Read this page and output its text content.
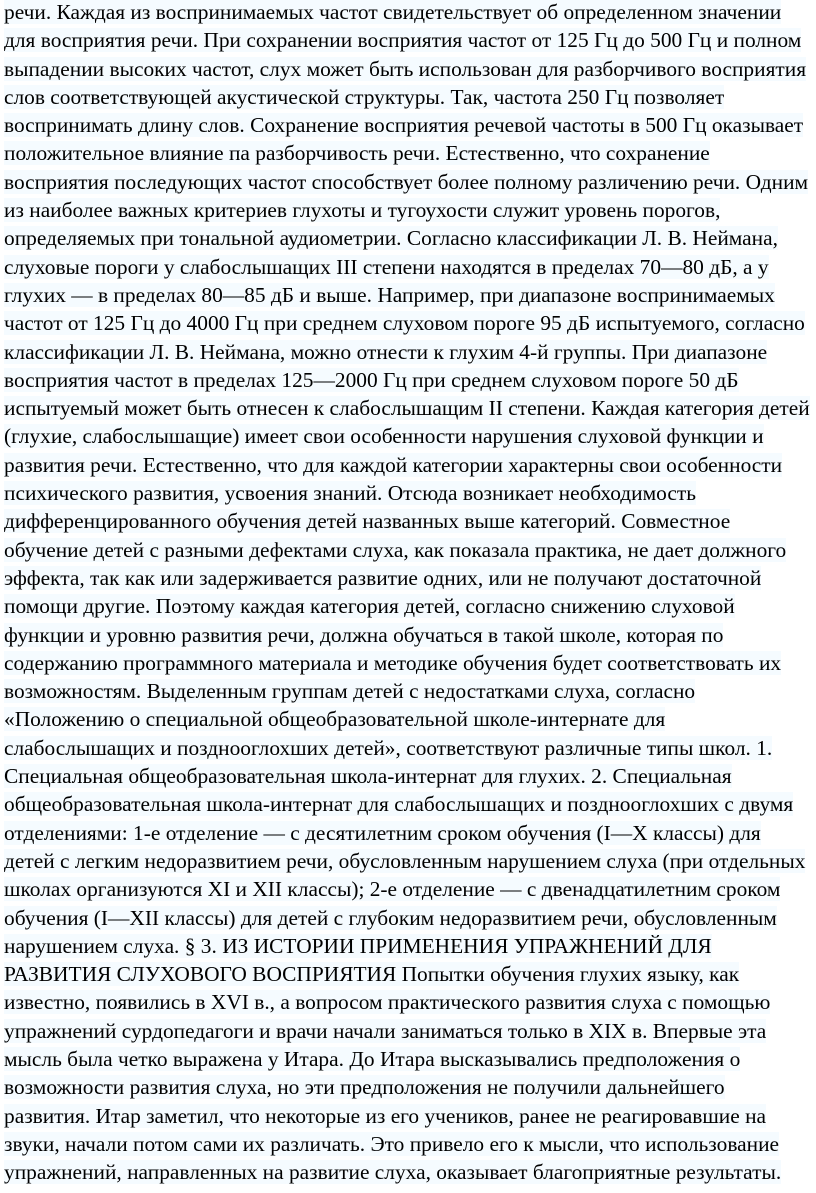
речи. Каждая из воспринимаемых частот свидетельствует об определенном значении
для восприятия речи. При сохранении восприятия частот от 125 Гц до 500 Гц и полном
выпадении высоких частот, слух может быть использован для разборчивого восприятия
слов соответствующей акустической структуры. Так, частота 250 Гц позволяет
воспринимать длину слов. Сохранение восприятия речевой частоты в 500 Гц оказывает
положительное влияние па разборчивость речи. Естественно, что сохранение
восприятия последующих частот способствует более полному различению речи. Одним
из наиболее важных критериев глухоты и тугоухости служит уровень порогов,
определяемых при тональной аудиометрии. Согласно классификации Л. В. Неймана,
слуховые пороги у слабослышащих III степени находятся в пределах 70—80 дБ, а у
глухих — в пределах 80—85 дБ и выше. Например, при диапазоне воспринимаемых
частот от 125 Гц до 4000 Гц при среднем слуховом пороге 95 дБ испытуемого, согласно
классификации Л. В. Неймана, можно отнести к глухим 4-й группы. При диапазоне
восприятия частот в пределах 125—2000 Гц при среднем слуховом пороге 50 дБ
испытуемый может быть отнесен к слабослышащим II степени. Каждая категория детей
(глухие, слабослышащие) имеет свои особенности нарушения слуховой функции и
развития речи. Естественно, что для каждой категории характерны свои особенности
психического развития, усвоения знаний. Отсюда возникает необходимость
дифференцированного обучения детей названных выше категорий. Совместное
обучение детей с разными дефектами слуха, как показала практика, не дает должного
эффекта, так как или задерживается развитие одних, или не получают достаточной
помощи другие. Поэтому каждая категория детей, согласно снижению слуховой
функции и уровню развития речи, должна обучаться в такой школе, которая по
содержанию программного материала и методике обучения будет соответствовать их
возможностям. Выделенным группам детей с недостатками слуха, согласно
«Положению о специальной общеобразовательной школе-интернате для
слабослышащих и позднооглохших детей», соответствуют различные типы школ. 1.
Специальная общеобразовательная школа-интернат для глухих. 2. Специальная
общеобразовательная школа-интернат для слабослышащих и позднооглохших с двумя
отделениями: 1-е отделение — с десятилетним сроком обучения (I—X классы) для
детей с легким недоразвитием речи, обусловленным нарушением слуха (при отдельных
школах организуются XI и XII классы); 2-е отделение — с двенадцатилетним сроком
обучения (I—XII классы) для детей с глубоким недоразвитием речи, обусловленным
нарушением слуха. § 3. ИЗ ИСТОРИИ ПРИМЕНЕНИЯ УПРАЖНЕНИЙ ДЛЯ
РАЗВИТИЯ СЛУХОВОГО ВОСПРИЯТИЯ Попытки обучения глухих языку, как
известно, появились в XVI в., а вопросом практического развития слуха с помощью
упражнений сурдопедагоги и врачи начали заниматься только в XIX в. Впервые эта
мысль была четко выражена у Итара. До Итара высказывались предположения о
возможности развития слуха, но эти предположения не получили дальнейшего
развития. Итар заметил, что некоторые из его учеников, ранее не реагировавшие на
звуки, начали потом сами их различать. Это привело его к мысли, что использование
упражнений, направленных на развитие слуха, оказывает благоприятные результаты.
